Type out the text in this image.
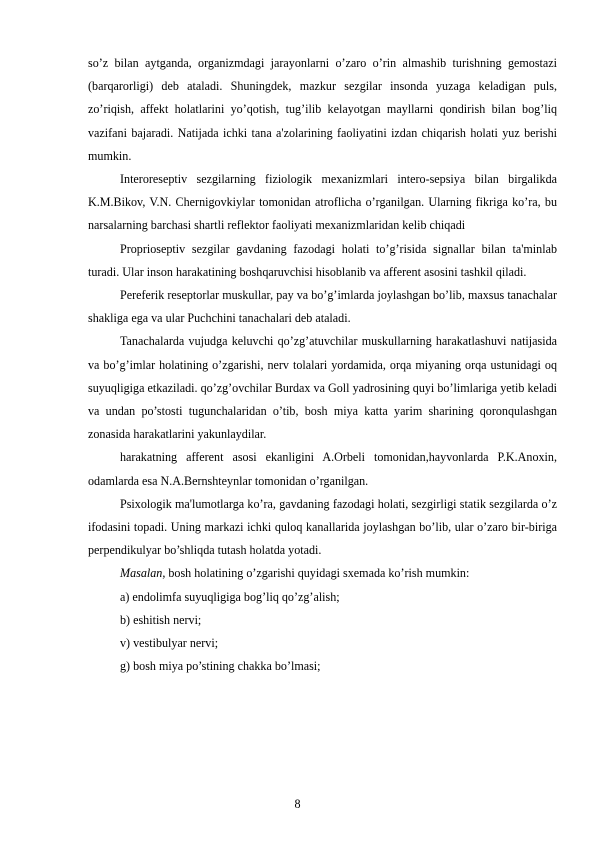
so’z bilan aytganda, organizmdagi jarayonlarni o’zaro o’rin almashib turishning gemostazi (barqarorligi) deb ataladi. Shuningdek, mazkur sezgilar insonda yuzaga keladigan puls, zo’riqish, affekt holatlarini yo’qotish, tug’ilib kelayotgan mayllarni qondirish bilan bog’liq vazifani bajaradi. Natijada ichki tana a'zolarining faoliyatini izdan chiqarish holati yuz berishi mumkin.

Interoreseptiv sezgilarning fiziologik mexanizmlari intero-sepsiya bilan birgalikda K.M.Bikov, V.N. Chernigovkiylar tomonidan atroflicha o’rganilgan. Ularning fikriga ko’ra, bu narsalarning barchasi shartli reflektor faoliyati mexanizmlaridan kelib chiqadi

Proprioseptiv sezgilar gavdaning fazodagi holati to’g’risida signallar bilan ta'minlab turadi. Ular inson harakatining boshqaruvchisi hisoblanib va afferent asosini tashkil qiladi.

Pereferik reseptorlar muskullar, pay va bo’g’imlarda joylashgan bo’lib, maxsus tanachalar shakliga ega va ular Puchchini tanachalari deb ataladi.

Tanachalarda vujudga keluvchi qo’zg’atuvchilar muskullarning harakatlashuvi natijasida va bo’g’imlar holatining o’zgarishi, nerv tolalari yordamida, orqa miyaning orqa ustunidagi oq suyuqligiga etkaziladi. qo’zg’ovchilar Burdax va Goll yadrosining quyi bo’limlariga yetib keladi va undan po’stosti tugunchalaridan o’tib, bosh miya katta yarim sharining qoronqulashgan zonasida harakatlarini yakunlaydilar.

harakatning afferent asosi ekanligini A.Orbeli tomonidan,hayvonlarda P.K.Anoxin, odamlarda esa N.A.Bernshteynlar tomonidan o’rganilgan.

Psixologik ma'lumotlarga ko’ra, gavdaning fazodagi holati, sezgirligi statik sezgilarda o’z ifodasini topadi. Uning markazi ichki quloq kanallarida joylashgan bo’lib, ular o’zaro bir-biriga perpendikulyar bo’shliqda tutash holatda yotadi.

Masalan, bosh holatining o’zgarishi quyidagi sxemada ko’rish mumkin:

a) endolimfa suyuqligiga bog’liq qo’zg’alish;
b) eshitish nervi;
v) vestibulyar nervi;
g) bosh miya po’stining chakka bo’lmasi;
8
